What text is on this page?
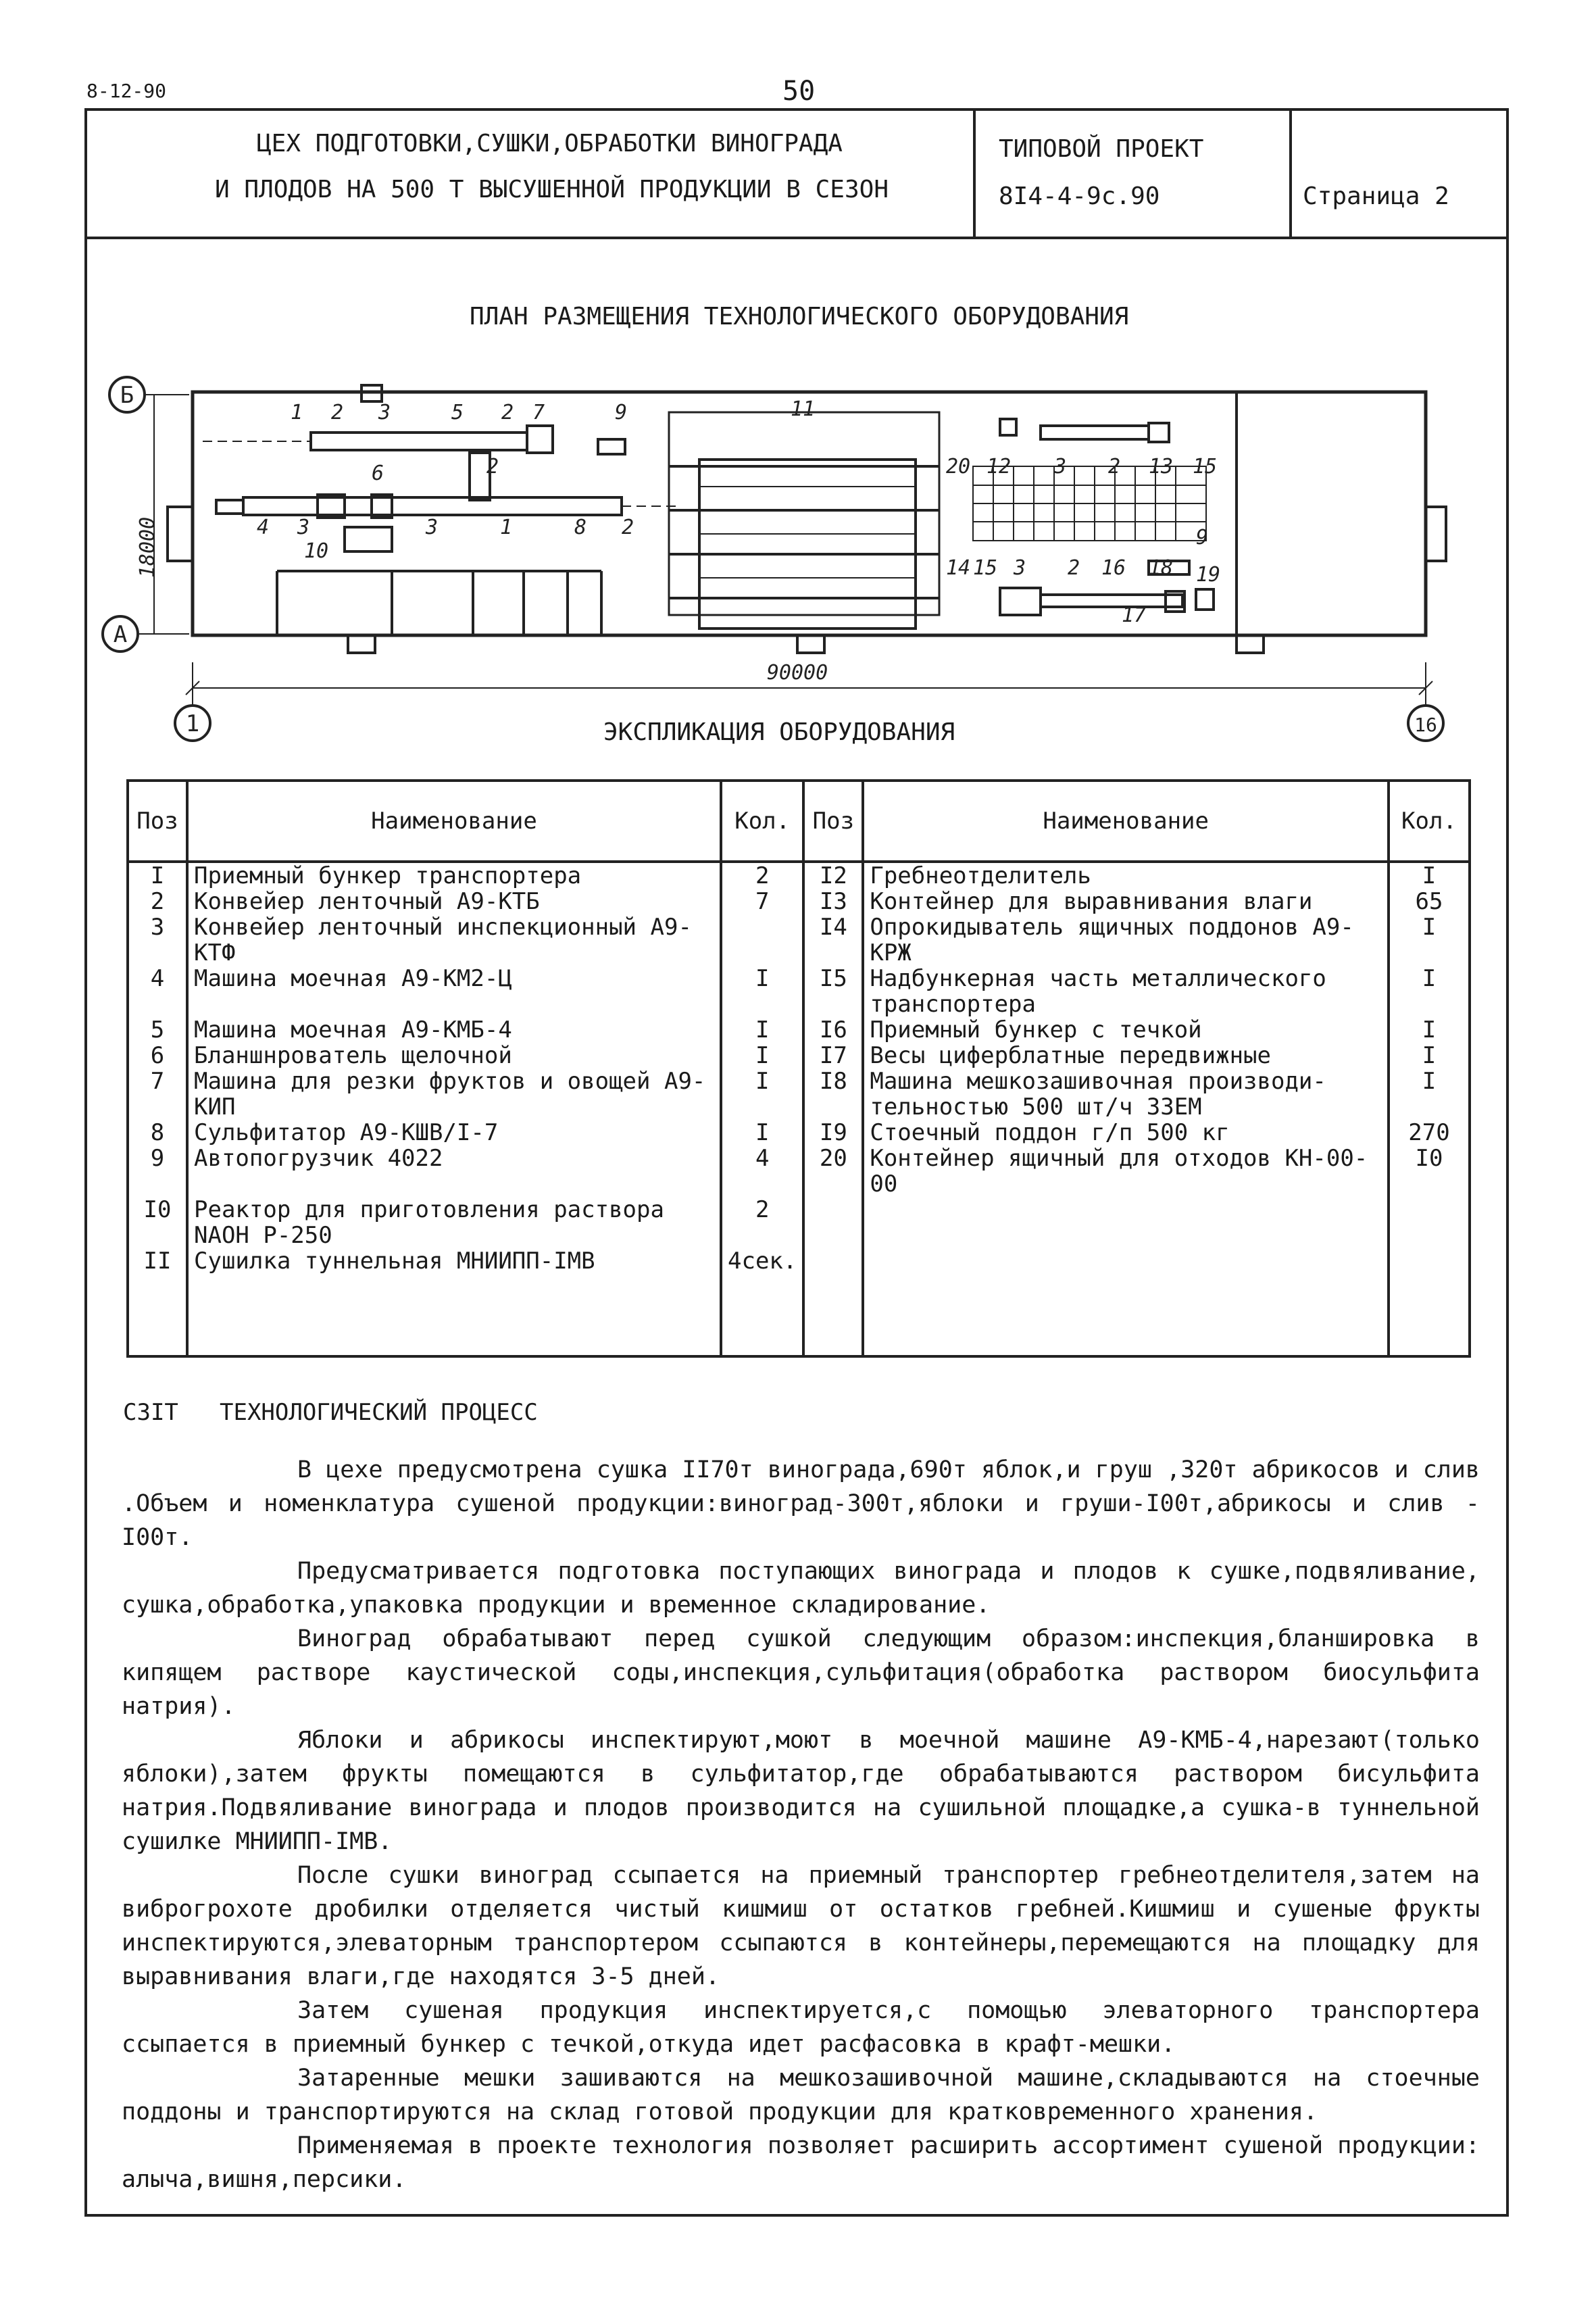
8-12-90	50
ЦЕХ ПОДГОТОВКИ,СУШКИ,ОБРАБОТКИ ВИНОГРАДА
И ПЛОДОВ НА 500 Т ВЫСУШЕННОЙ ПРОДУКЦИИ В СЕЗОН
ТИПОВОЙ ПРОЕКТ
8I4-4-9с.90	Страница 2
ПЛАН РАЗМЕЩЕНИЯ ТЕХНОЛОГИЧЕСКОГО ОБОРУДОВАНИЯ
Б
А
1	16
18000
90000
1 2 3	5 2 7	9	11
20 12 3 2 13 15
6	2
4 3	3	1	8 2
10
9
14 15 3 2 16 18 19
17
ЭКСПЛИКАЦИЯ ОБОРУДОВАНИЯ
Поз	Наименование	Кол.	Поз	Наименование	Кол.
I	Приемный бункер транспортера	2	I2	Гребнеотделитель	I
2	Конвейер ленточный А9-КТБ	7	I3	Контейнер для выравнивания влаги	65
3	Конвейер ленточный инспекционный А9-КТФ		I4	Опрокидыватель ящичных поддонов А9-КРЖ	I
4	Машина моечная А9-КМ2-Ц	I	I5	Надбункерная часть металлического транспортера	I
5	Машина моечная А9-КМБ-4	I	I6	Приемный бункер с течкой	I
6	Бланшнрователь щелочной	I	I7	Весы циферблатные передвижные	I
7	Машина для резки фруктов и овощей А9-КИП	I	I8	Машина мешкозашивочная производи-тельностью 500 шт/ч ЗЗЕМ	I
8	Сульфитатор А9-КШВ/I-7	I	I9	Стоечный поддон г/п 500 кг	270
9	Автопогрузчик 4022	4	20	Контейнер ящичный для отходов КН-00-00	I0
I0	Реактор для приготовления раствора NAOH Р-250	2			
II	Сушилка туннельная МНИИПП-IМВ	4сек.			

СЗIТ ТЕХНОЛОГИЧЕСКИЙ ПРОЦЕСС

В цехе предусмотрена сушка II70т винограда,690т яблок,и груш ,320т абрикосов и слив .Объем и номенклатура сушеной продукции:виноград-300т,яблоки и груши-I00т,абрикосы и слив -I00т.

Предусматривается подготовка поступающих винограда и плодов к сушке,подвяливание, сушка,обработка,упаковка продукции и временное складирование.

Виноград обрабатывают перед сушкой следующим образом:инспекция,бланшировка в кипящем растворе каустической соды,инспекция,сульфитация(обработка раствором биосульфита натрия).

Яблоки и абрикосы инспектируют,моют в моечной машине А9-КМБ-4,нарезают(только яблоки),затем фрукты помещаются в сульфитатор,где обрабатываются раствором бисульфита натрия.Подвяливание винограда и плодов производится на сушильной площадке,а сушка-в туннельной сушилке МНИИПП-IМВ.

После сушки виноград ссыпается на приемный транспортер гребнеотделителя,затем на виброгрохоте дробилки отделяется чистый кишмиш от остатков гребней.Кишмиш и сушеные фрукты инспектируются,элеваторным транспортером ссыпаются в контейнеры,перемещаются на площадку для выравнивания влаги,где находятся 3-5 дней.

Затем сушеная продукция инспектируется,с помощью элеваторного транспортера ссыпается в приемный бункер с течкой,откуда идет расфасовка в крафт-мешки.

Затаренные мешки зашиваются на мешкозашивочной машине,складываются на стоечные поддоны и транспортируются на склад готовой продукции для кратковременного хранения.

Применяемая в проекте технология позволяет расширить ассортимент сушеной продукции: алыча,вишня,персики.
